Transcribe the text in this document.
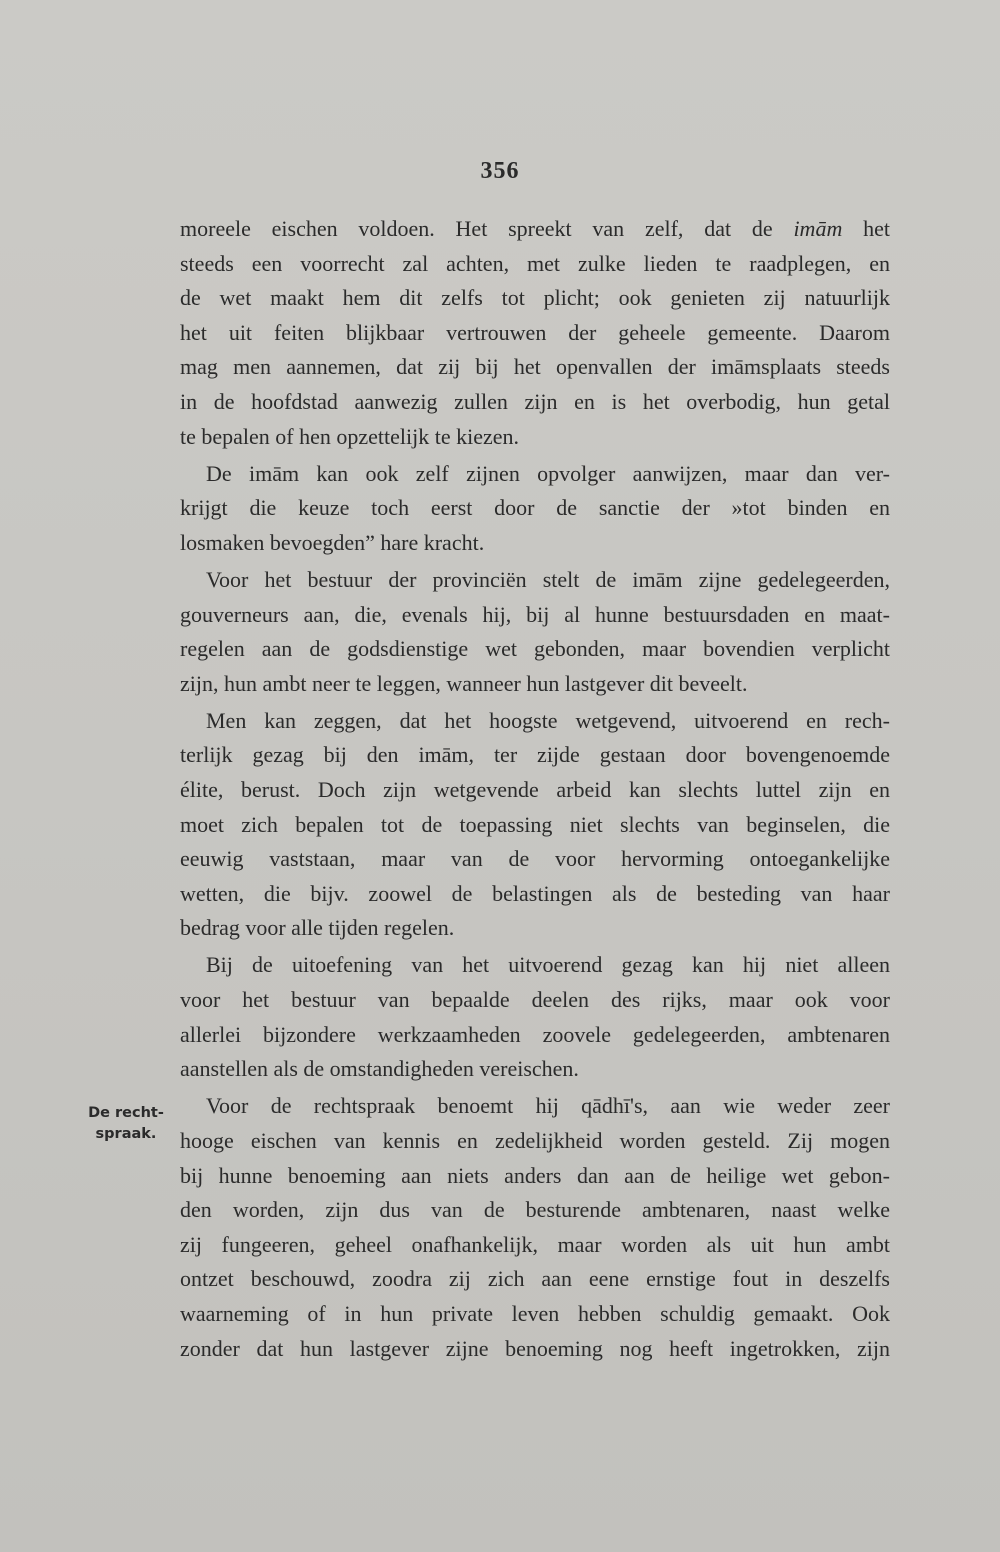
356

moreele eischen voldoen. Het spreekt van zelf, dat de imām het
steeds een voorrecht zal achten, met zulke lieden te raadplegen, en
de wet maakt hem dit zelfs tot plicht; ook genieten zij natuurlijk
het uit feiten blijkbaar vertrouwen der geheele gemeente. Daarom
mag men aannemen, dat zij bij het openvallen der imāmsplaats steeds
in de hoofdstad aanwezig zullen zijn en is het overbodig, hun getal
te bepalen of hen opzettelijk te kiezen.

De imām kan ook zelf zijnen opvolger aanwijzen, maar dan ver-
krijgt die keuze toch eerst door de sanctie der »tot binden en
losmaken bevoegden” hare kracht.

Voor het bestuur der provinciën stelt de imām zijne gedelegeerden,
gouverneurs aan, die, evenals hij, bij al hunne bestuursdaden en maat-
regelen aan de godsdienstige wet gebonden, maar bovendien verplicht
zijn, hun ambt neer te leggen, wanneer hun lastgever dit beveelt.

Men kan zeggen, dat het hoogste wetgevend, uitvoerend en rech-
terlijk gezag bij den imām, ter zijde gestaan door bovengenoemde
élite, berust. Doch zijn wetgevende arbeid kan slechts luttel zijn en
moet zich bepalen tot de toepassing niet slechts van beginselen, die
eeuwig vaststaan, maar van de voor hervorming ontoegankelijke
wetten, die bijv. zoowel de belastingen als de besteding van haar
bedrag voor alle tijden regelen.

Bij de uitoefening van het uitvoerend gezag kan hij niet alleen
voor het bestuur van bepaalde deelen des rijks, maar ook voor
allerlei bijzondere werkzaamheden zoovele gedelegeerden, ambtenaren
aanstellen als de omstandigheden vereischen.

Voor de rechtspraak benoemt hij qādhī's, aan wie weder zeer
hooge eischen van kennis en zedelijkheid worden gesteld. Zij mogen
bij hunne benoeming aan niets anders dan aan de heilige wet gebon-
den worden, zijn dus van de besturende ambtenaren, naast welke
zij fungeeren, geheel onafhankelijk, maar worden als uit hun ambt
ontzet beschouwd, zoodra zij zich aan eene ernstige fout in deszelfs
waarneming of in hun private leven hebben schuldig gemaakt. Ook
zonder dat hun lastgever zijne benoeming nog heeft ingetrokken, zijn

De recht-
spraak.
